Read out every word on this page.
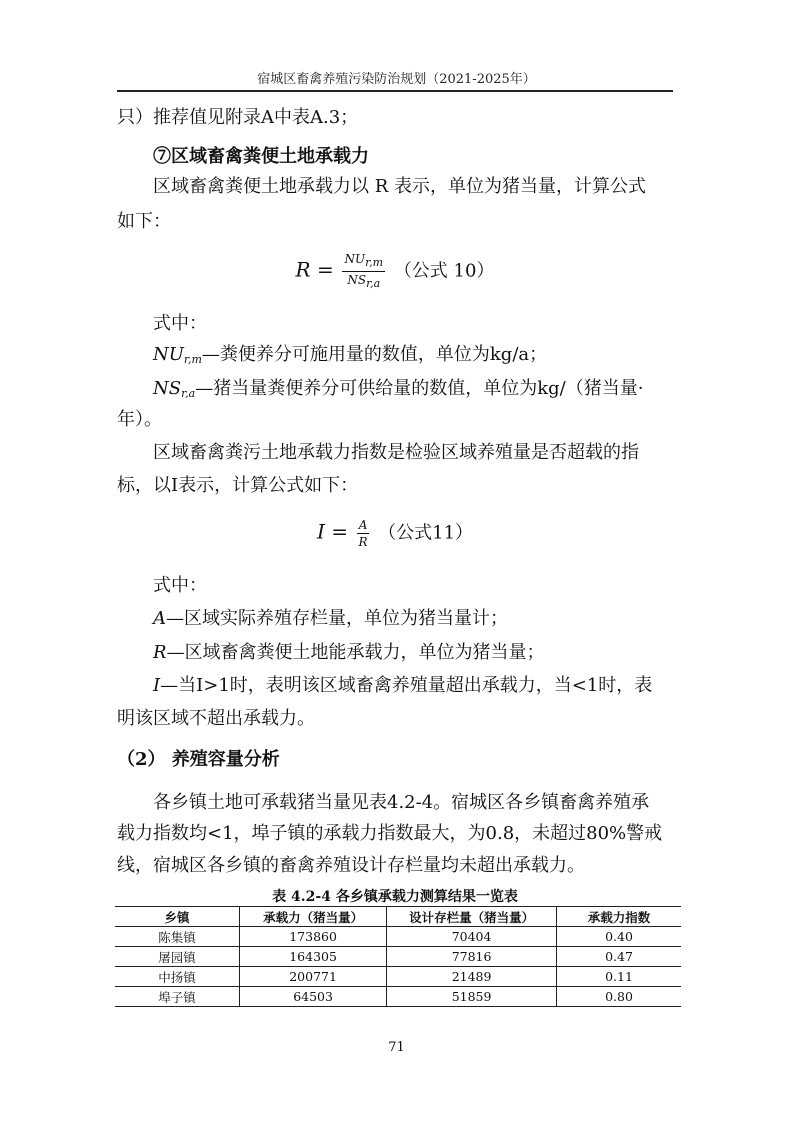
宿城区畜禽养殖污染防治规划（2021-2025年）
只）推荐值见附录A中表A.3；
⑦区域畜禽粪便土地承载力
区域畜禽粪便土地承载力以 R 表示，单位为猪当量，计算公式
如下：
$R = \frac{NU_{r,m}}{NS_{r,a}}$ （公式 10）
式中：
$NU_{r,m}—$粪便养分可施用量的数值，单位为kg/a；
$NS_{r,a}—$猪当量粪便养分可供给量的数值，单位为kg/（猪当量·
年）。
区域畜禽粪污土地承载力指数是检验区域养殖量是否超载的指
标，以I表示，计算公式如下：
$I = \frac{A}{R}$ （公式11）
式中：
A—区域实际养殖存栏量，单位为猪当量计；
R—区域畜禽粪便土地能承载力，单位为猪当量；
I—当I>1时，表明该区域畜禽养殖量超出承载力，当<1时，表
明该区域不超出承载力。
（2） 养殖容量分析
各乡镇土地可承载猪当量见表4.2-4。宿城区各乡镇畜禽养殖承
载力指数均<1，埠子镇的承载力指数最大，为0.8，未超过80%警戒
线，宿城区各乡镇的畜禽养殖设计存栏量均未超出承载力。
表 4.2-4 各乡镇承载力测算结果一览表
乡镇	承载力（猪当量）	设计存栏量（猪当量）	承载力指数
陈集镇	173860	70404	0.40
屠园镇	164305	77816	0.47
中扬镇	200771	21489	0.11
埠子镇	64503	51859	0.80
71
